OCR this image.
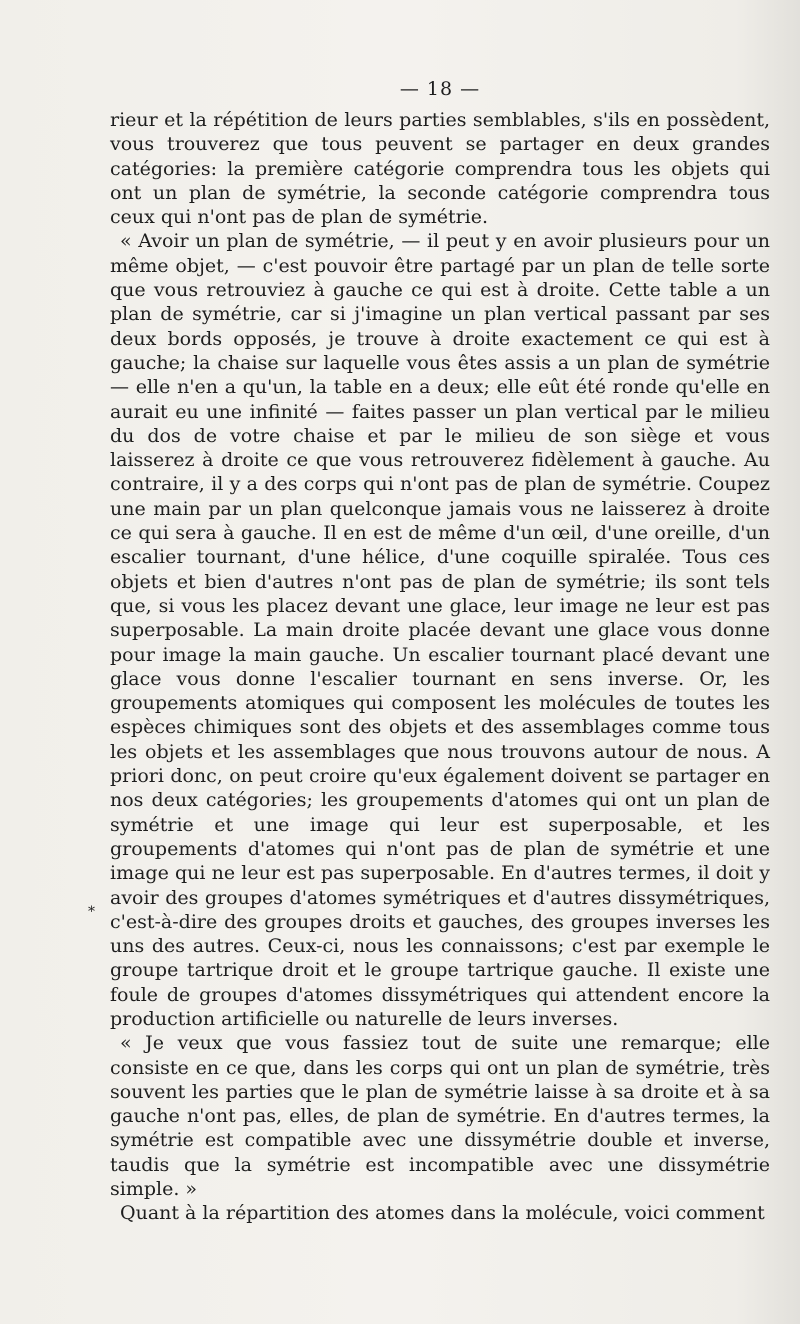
— 18 —
*

rieur et la répétition de leurs parties semblables, s'ils en possèdent, vous trouverez que tous peuvent se partager en deux grandes catégories: la première catégorie comprendra tous les objets qui ont un plan de symétrie, la seconde catégorie comprendra tous ceux qui n'ont pas de plan de symétrie.

« Avoir un plan de symétrie, — il peut y en avoir plusieurs pour un même objet, — c'est pouvoir être partagé par un plan de telle sorte que vous retrouviez à gauche ce qui est à droite. Cette table a un plan de symétrie, car si j'imagine un plan vertical passant par ses deux bords opposés, je trouve à droite exactement ce qui est à gauche; la chaise sur laquelle vous êtes assis a un plan de symétrie — elle n'en a qu'un, la table en a deux; elle eût été ronde qu'elle en aurait eu une infinité — faites passer un plan vertical par le milieu du dos de votre chaise et par le milieu de son siège et vous laisserez à droite ce que vous retrouverez fidèlement à gauche. Au contraire, il y a des corps qui n'ont pas de plan de symétrie. Coupez une main par un plan quelconque jamais vous ne laisserez à droite ce qui sera à gauche. Il en est de même d'un œil, d'une oreille, d'un escalier tournant, d'une hélice, d'une coquille spiralée. Tous ces objets et bien d'autres n'ont pas de plan de symétrie; ils sont tels que, si vous les placez devant une glace, leur image ne leur est pas superposable. La main droite placée devant une glace vous donne pour image la main gauche. Un escalier tournant placé devant une glace vous donne l'escalier tournant en sens inverse. Or, les groupements atomiques qui composent les molécules de toutes les espèces chimiques sont des objets et des assemblages comme tous les objets et les assemblages que nous trouvons autour de nous. A priori donc, on peut croire qu'eux également doivent se partager en nos deux catégories; les groupements d'atomes qui ont un plan de symétrie et une image qui leur est superposable, et les groupements d'atomes qui n'ont pas de plan de symétrie et une image qui ne leur est pas superposable. En d'autres termes, il doit y avoir des groupes d'atomes symétriques et d'autres dissymétriques, c'est-à-dire des groupes droits et gauches, des groupes inverses les uns des autres. Ceux-ci, nous les connaissons; c'est par exemple le groupe tartrique droit et le groupe tartrique gauche. Il existe une foule de groupes d'atomes dissymétriques qui attendent encore la production artificielle ou naturelle de leurs inverses.

« Je veux que vous fassiez tout de suite une remarque; elle consiste en ce que, dans les corps qui ont un plan de symétrie, très souvent les parties que le plan de symétrie laisse à sa droite et à sa gauche n'ont pas, elles, de plan de symétrie. En d'autres termes, la symétrie est compatible avec une dissymétrie double et inverse, taudis que la symétrie est incompatible avec une dissymétrie simple. »

Quant à la répartition des atomes dans la molécule, voici comment
